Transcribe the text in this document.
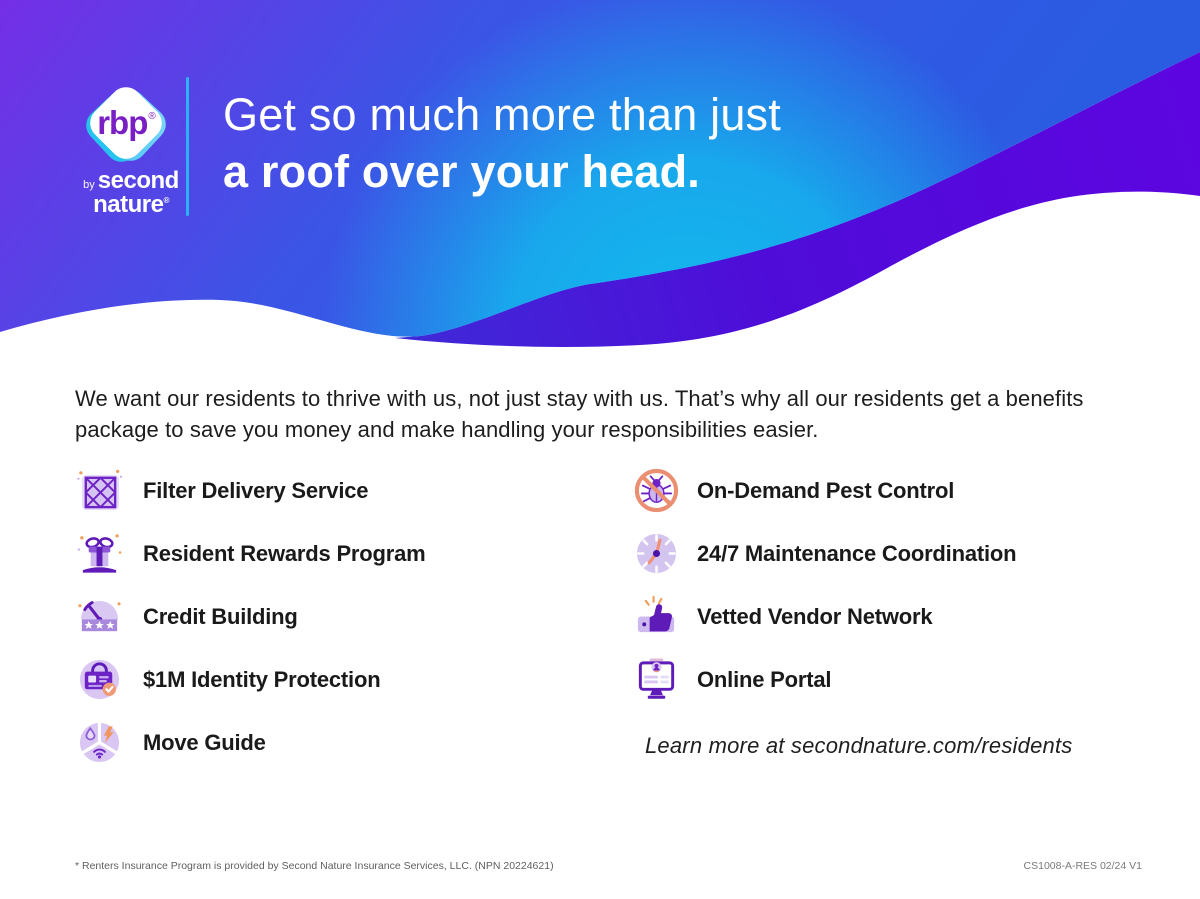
rbp®
by second
nature®
Get so much more than just
a roof over your head.

We want our residents to thrive with us, not just stay with us. That’s why all our residents get a benefits package to save you money and make handling your responsibilities easier.

Filter Delivery Service
Resident Rewards Program
Credit Building
$1M Identity Protection
Move Guide
On-Demand Pest Control
24/7 Maintenance Coordination
Vetted Vendor Network
Online Portal
Learn more at secondnature.com/residents
* Renters Insurance Program is provided by Second Nature Insurance Services, LLC. (NPN 20224621)	CS1008-A-RES 02/24 V1
